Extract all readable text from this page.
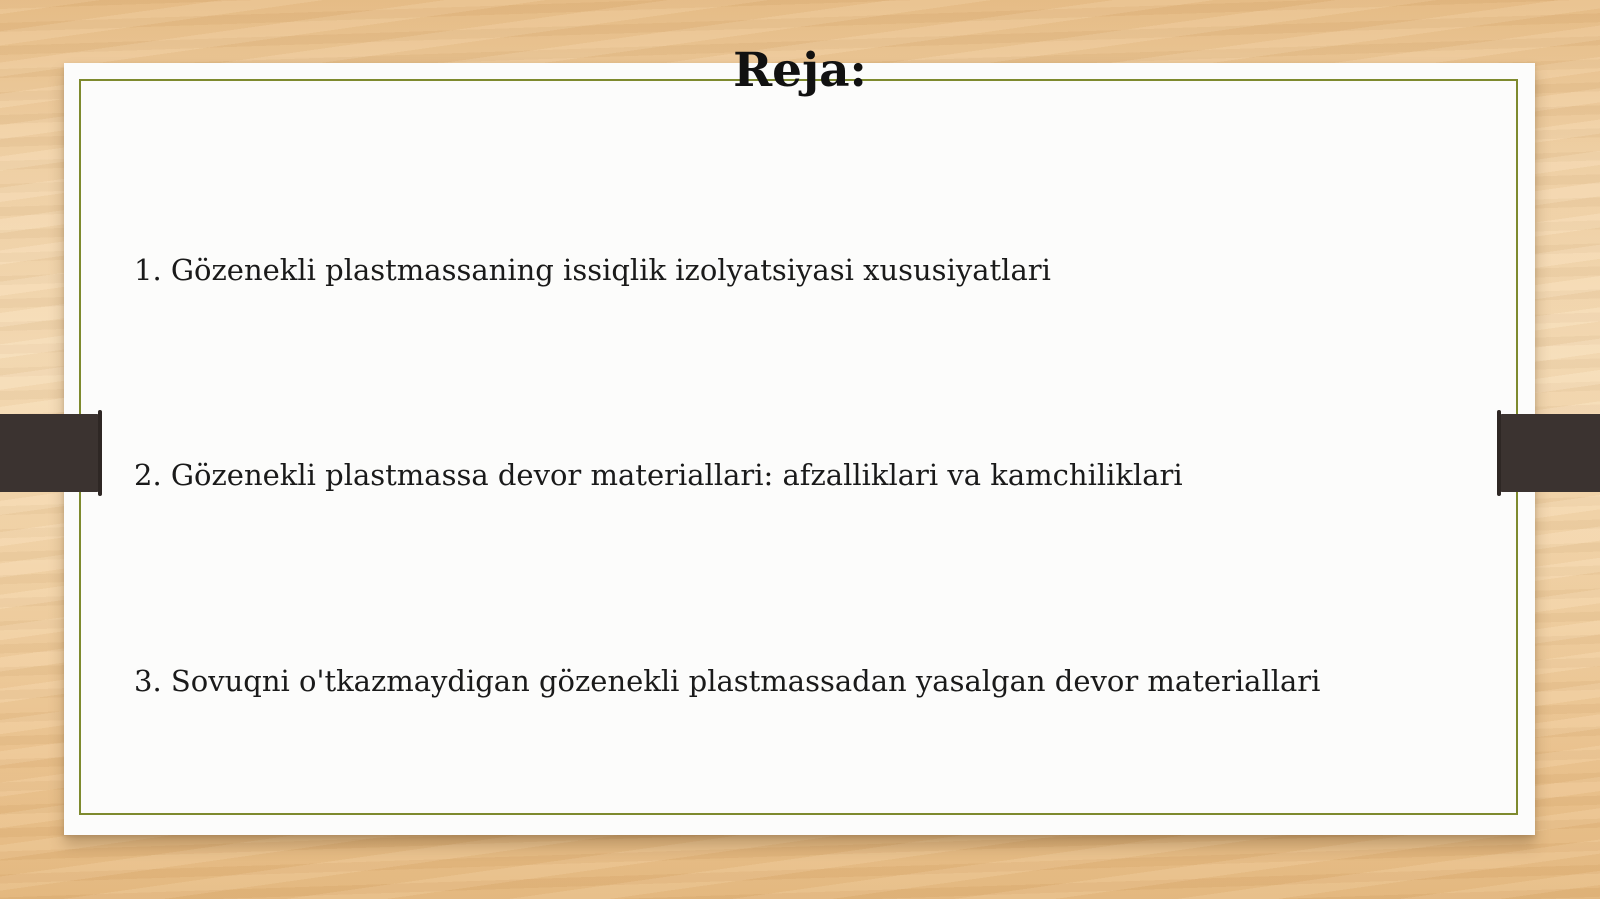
Reja:

1. Gözenekli plastmassaning issiqlik izolyatsiyasi xususiyatlari

2. Gözenekli plastmassa devor materiallari: afzalliklari va kamchiliklari

3. Sovuqni o'tkazmaydigan gözenekli plastmassadan yasalgan devor materiallari
